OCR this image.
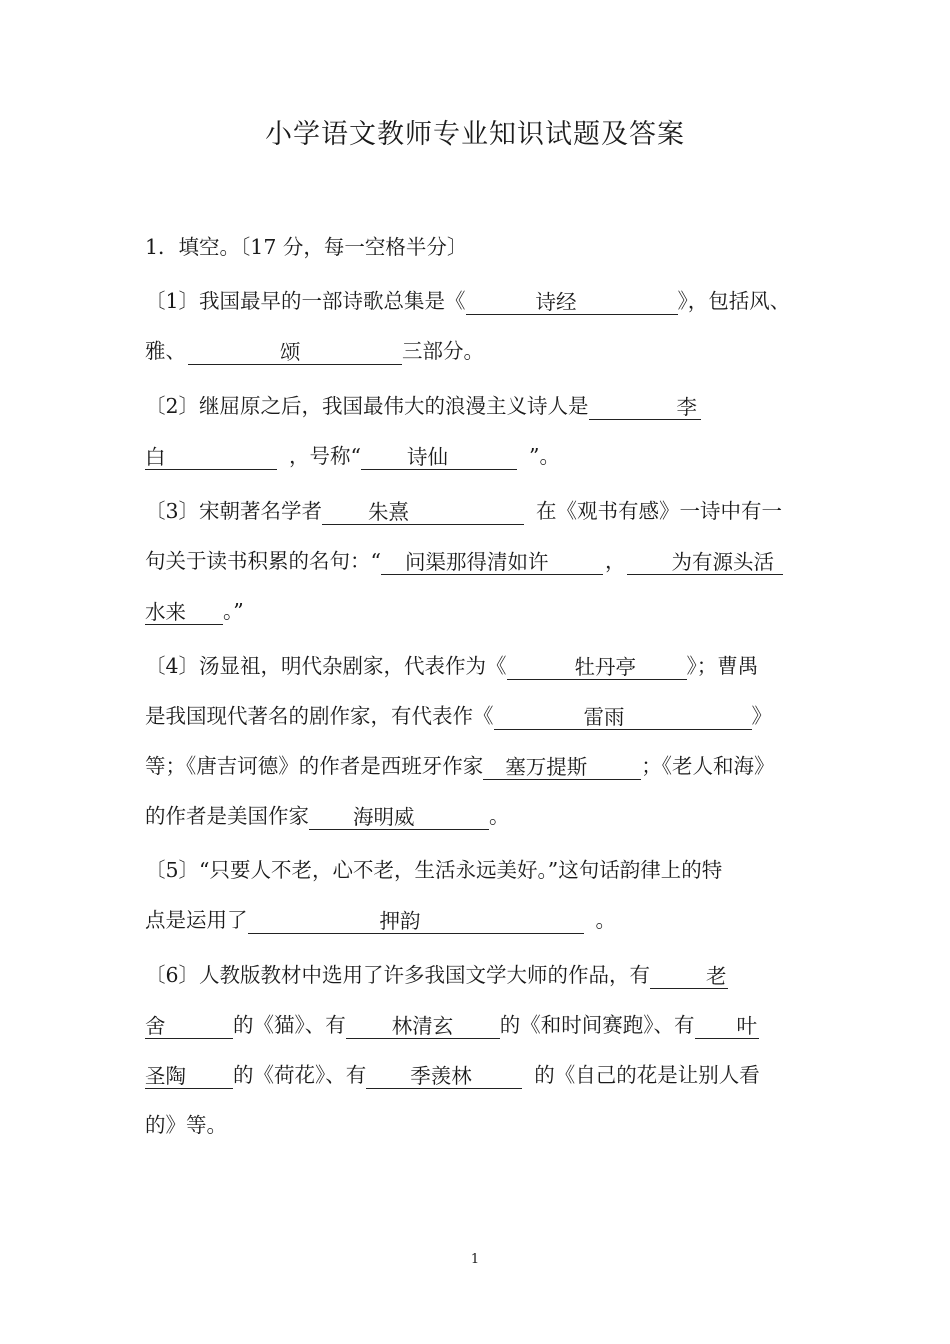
小学语文教师专业知识试题及答案
1．填空。〔17 分，每一空格半分〕
〔1〕我国最早的一部诗歌总集是《	诗经	》，包括风、
雅、	颂	三部分。
〔2〕继屈原之后，我国最伟大的浪漫主义诗人是	李
白	，号称“ 诗仙	”。
〔3〕宋朝著名学者 朱熹	在《观书有感》一诗中有一
句关于读书积累的名句：“ 问渠那得清如许	， 为有源头活
水来 。”
〔4〕汤显祖，明代杂剧家，代表作为《	牡丹亭 》；曹禺
是我国现代著名的剧作家，有代表作《	雷雨	》
等；《唐吉诃德》的作者是西班牙作家 塞万提斯	；《老人和海》
的作者是美国作家 海明威	。
〔5〕“只要人不老，心不老，生活永远美好。”这句话韵律上的特
点是运用了	押韵	。
〔6〕人教版教材中选用了许多我国文学大师的作品，有	老
舍	的《猫》、有 林清玄 的《和时间赛跑》、有 叶
圣陶 的《荷花》、有 季羡林	的《自己的花是让别人看
的》等。
1
